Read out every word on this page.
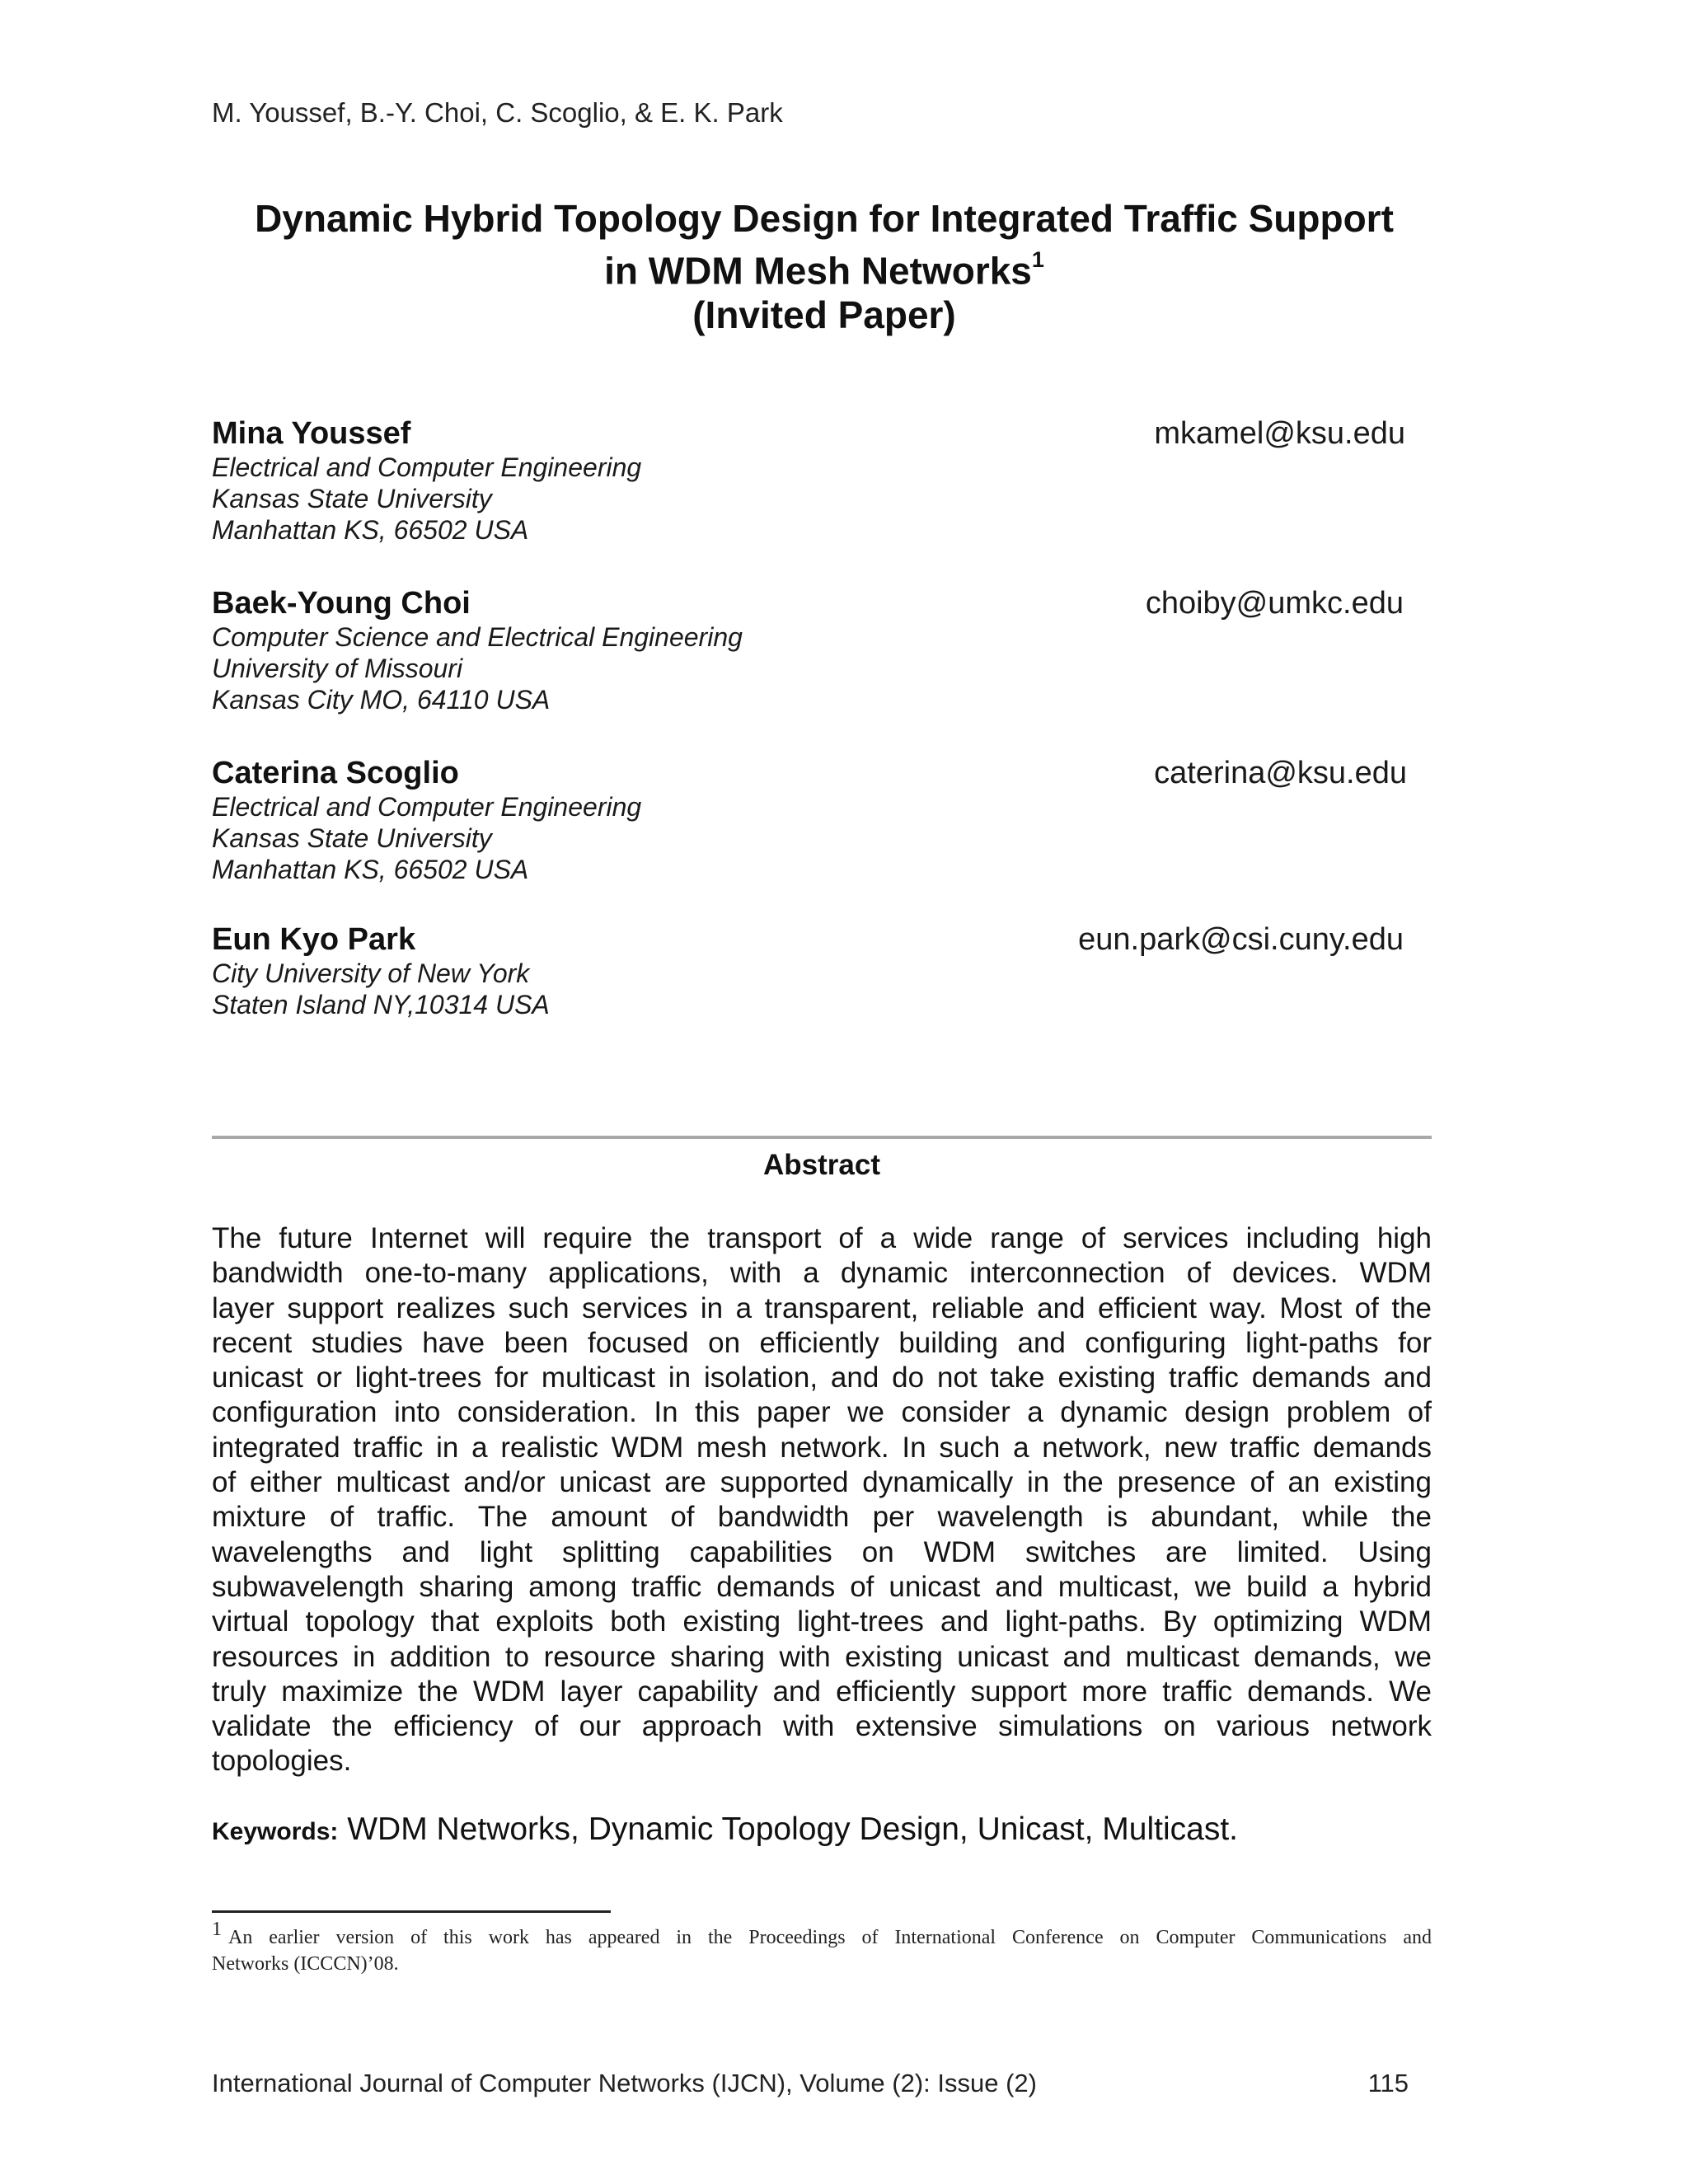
M. Youssef, B.-Y. Choi, C. Scoglio, & E. K. Park
Dynamic Hybrid Topology Design for Integrated Traffic Support
in WDM Mesh Networks$^1$
(Invited Paper)
Mina Youssef
Electrical and Computer Engineering
Kansas State University
Manhattan KS, 66502 USA
mkamel@ksu.edu
Baek-Young Choi
Computer Science and Electrical Engineering
University of Missouri
Kansas City MO, 64110 USA
choiby@umkc.edu
Caterina Scoglio
Electrical and Computer Engineering
Kansas State University
Manhattan KS, 66502 USA
caterina@ksu.edu
Eun Kyo Park
City University of New York
Staten Island NY,10314 USA
eun.park@csi.cuny.edu
Abstract
The future Internet will require the transport of a wide range of services including high
bandwidth one-to-many applications, with a dynamic interconnection of devices. WDM
layer support realizes such services in a transparent, reliable and efficient way. Most of the
recent studies have been focused on efficiently building and configuring light-paths for
unicast or light-trees for multicast in isolation, and do not take existing traffic demands and
configuration into consideration. In this paper we consider a dynamic design problem of
integrated traffic in a realistic WDM mesh network. In such a network, new traffic demands
of either multicast and/or unicast are supported dynamically in the presence of an existing
mixture of traffic. The amount of bandwidth per wavelength is abundant, while the
wavelengths and light splitting capabilities on WDM switches are limited. Using
subwavelength sharing among traffic demands of unicast and multicast, we build a hybrid
virtual topology that exploits both existing light-trees and light-paths. By optimizing WDM
resources in addition to resource sharing with existing unicast and multicast demands, we
truly maximize the WDM layer capability and efficiently support more traffic demands. We
validate the efficiency of our approach with extensive simulations on various network
topologies.
Keywords: WDM Networks, Dynamic Topology Design, Unicast, Multicast.
1 An earlier version of this work has appeared in the Proceedings of International Conference on Computer Communications and
Networks (ICCCN)’08.
International Journal of Computer Networks (IJCN), Volume (2): Issue (2)	115
